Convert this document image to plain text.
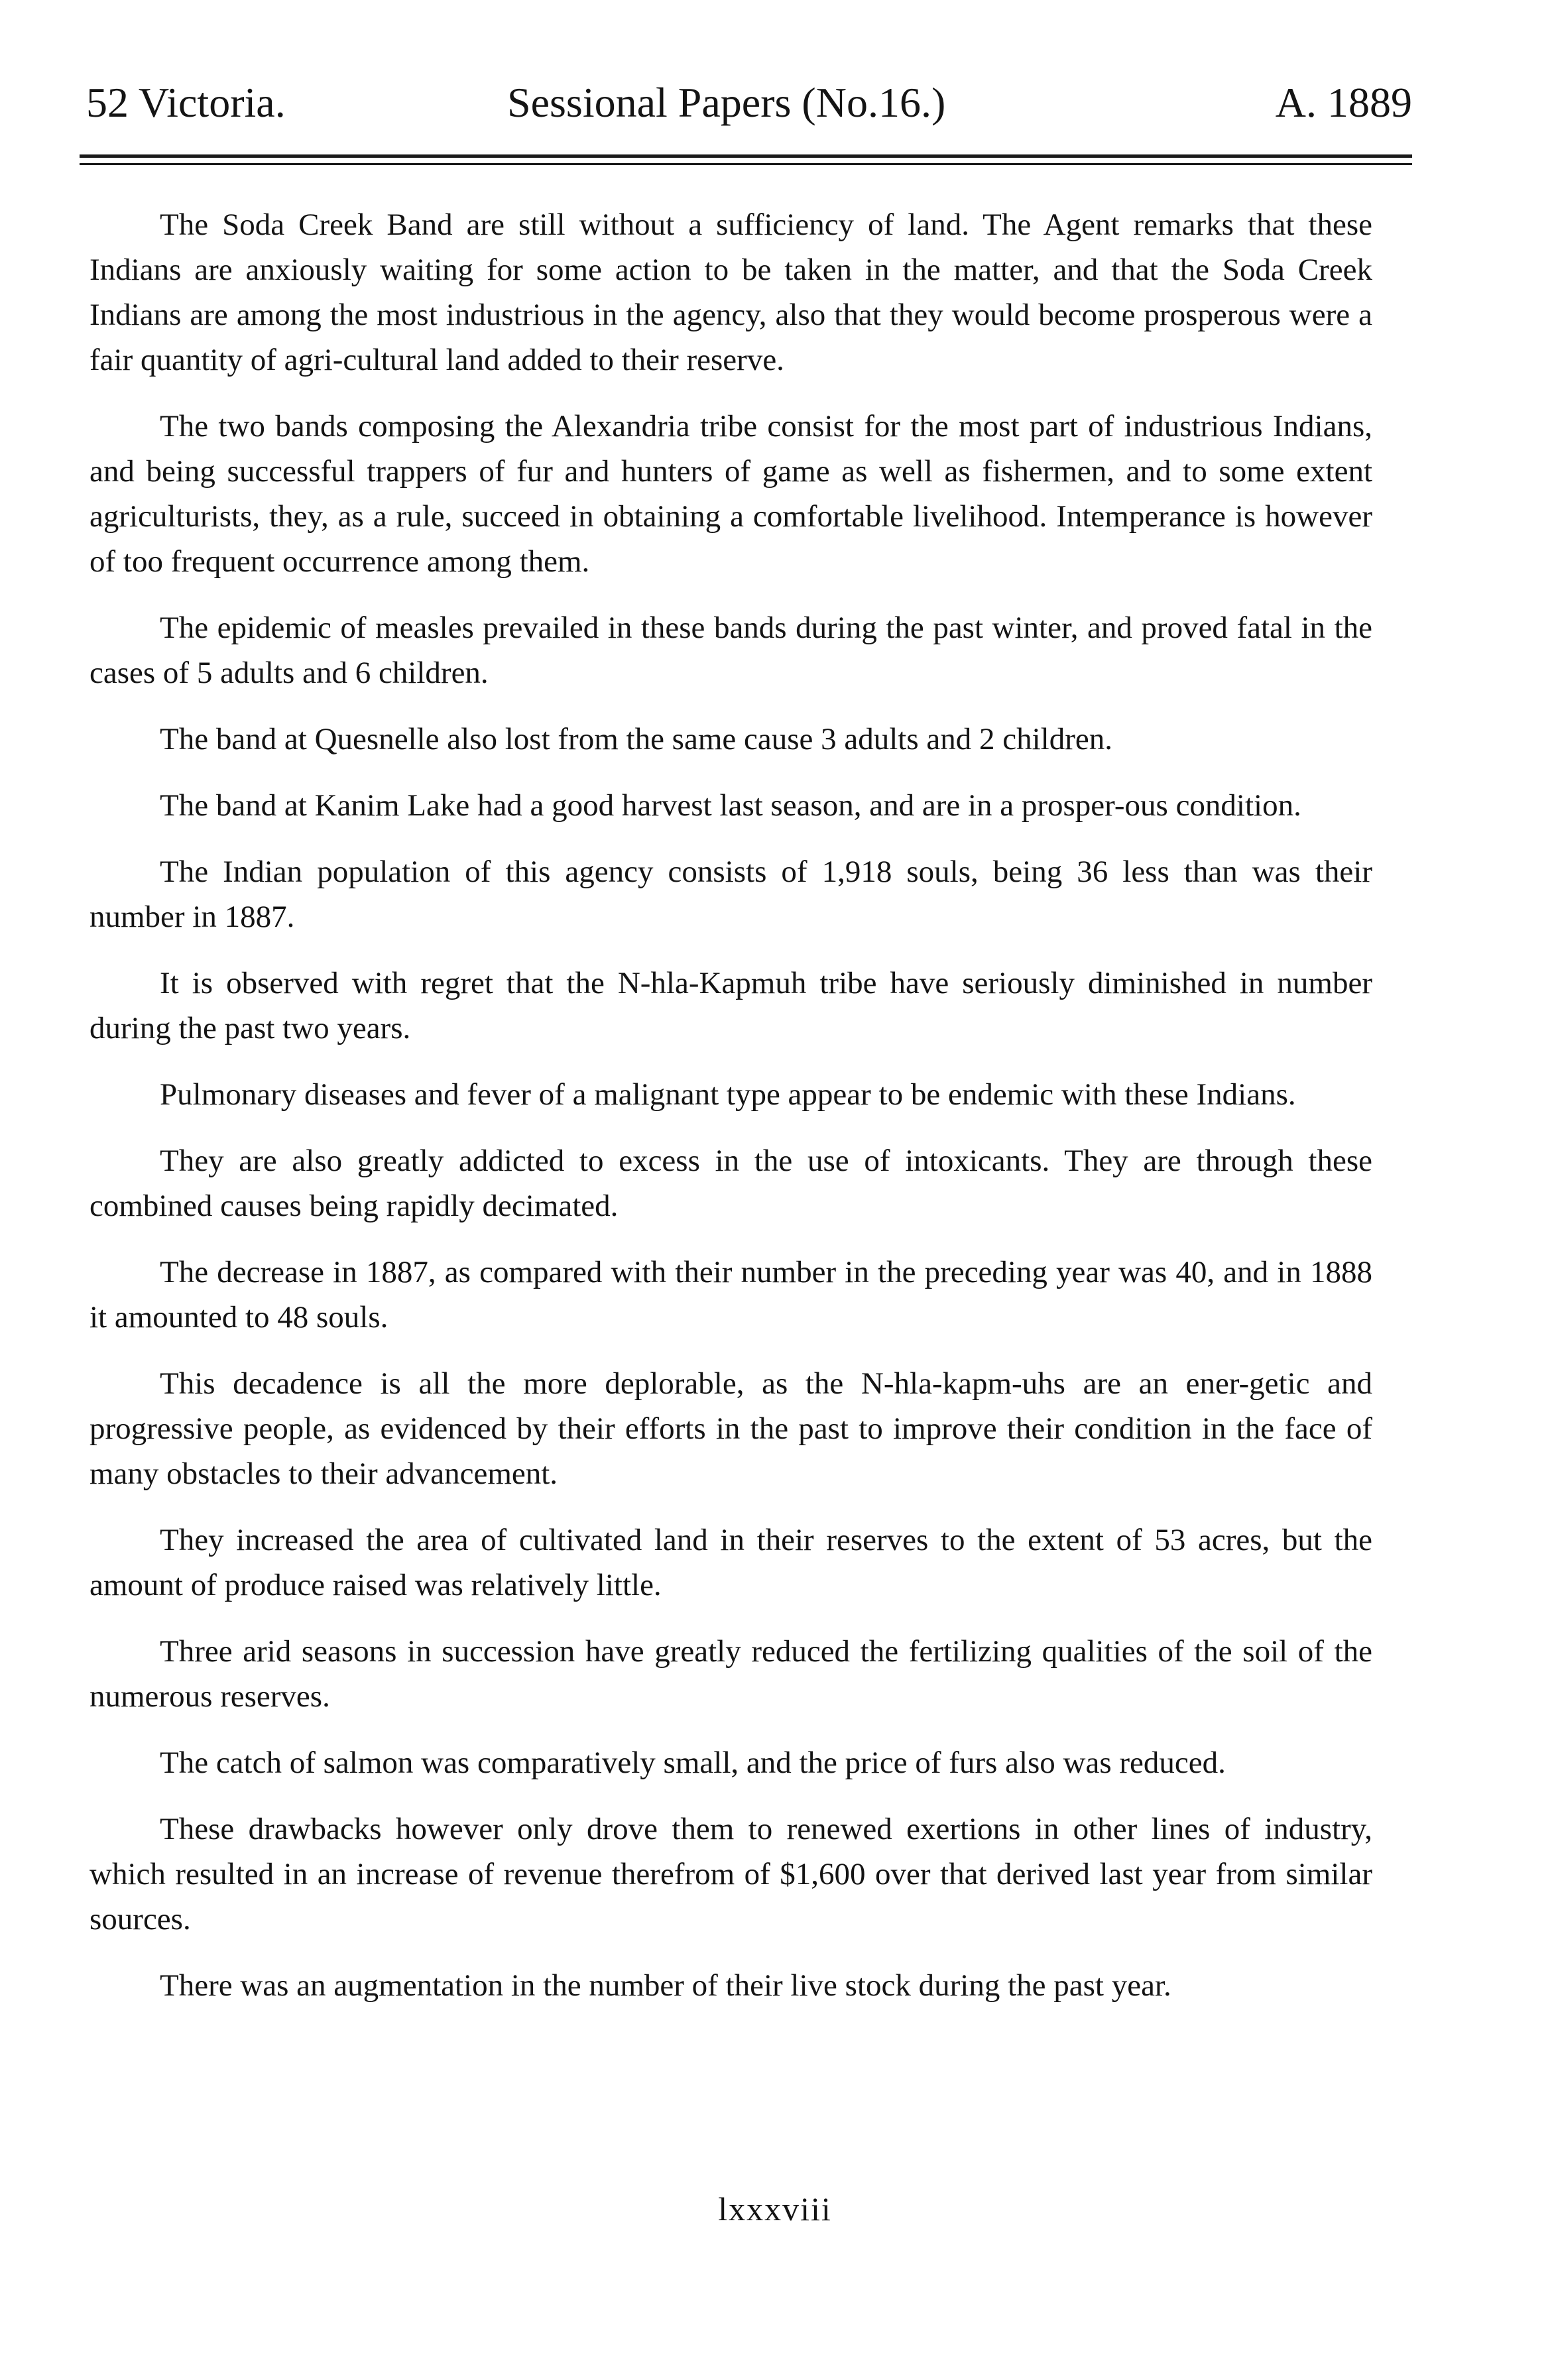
52 Victoria.	Sessional Papers (No.16.)	A. 1889

The Soda Creek Band are still without a sufficiency of land. The Agent remarks that these Indians are anxiously waiting for some action to be taken in the matter, and that the Soda Creek Indians are among the most industrious in the agency, also that they would become prosperous were a fair quantity of agri-cultural land added to their reserve.

The two bands composing the Alexandria tribe consist for the most part of industrious Indians, and being successful trappers of fur and hunters of game as well as fishermen, and to some extent agriculturists, they, as a rule, succeed in obtaining a comfortable livelihood. Intemperance is however of too frequent occurrence among them.

The epidemic of measles prevailed in these bands during the past winter, and proved fatal in the cases of 5 adults and 6 children.

The band at Quesnelle also lost from the same cause 3 adults and 2 children.

The band at Kanim Lake had a good harvest last season, and are in a prosper-ous condition.

The Indian population of this agency consists of 1,918 souls, being 36 less than was their number in 1887.

It is observed with regret that the N-hla-Kapmuh tribe have seriously diminished in number during the past two years.

Pulmonary diseases and fever of a malignant type appear to be endemic with these Indians.

They are also greatly addicted to excess in the use of intoxicants. They are through these combined causes being rapidly decimated.

The decrease in 1887, as compared with their number in the preceding year was 40, and in 1888 it amounted to 48 souls.

This decadence is all the more deplorable, as the N-hla-kapm-uhs are an ener-getic and progressive people, as evidenced by their efforts in the past to improve their condition in the face of many obstacles to their advancement.

They increased the area of cultivated land in their reserves to the extent of 53 acres, but the amount of produce raised was relatively little.

Three arid seasons in succession have greatly reduced the fertilizing qualities of the soil of the numerous reserves.

The catch of salmon was comparatively small, and the price of furs also was reduced.

These drawbacks however only drove them to renewed exertions in other lines of industry, which resulted in an increase of revenue therefrom of $1,600 over that derived last year from similar sources.

There was an augmentation in the number of their live stock during the past year.

lxxxviii
